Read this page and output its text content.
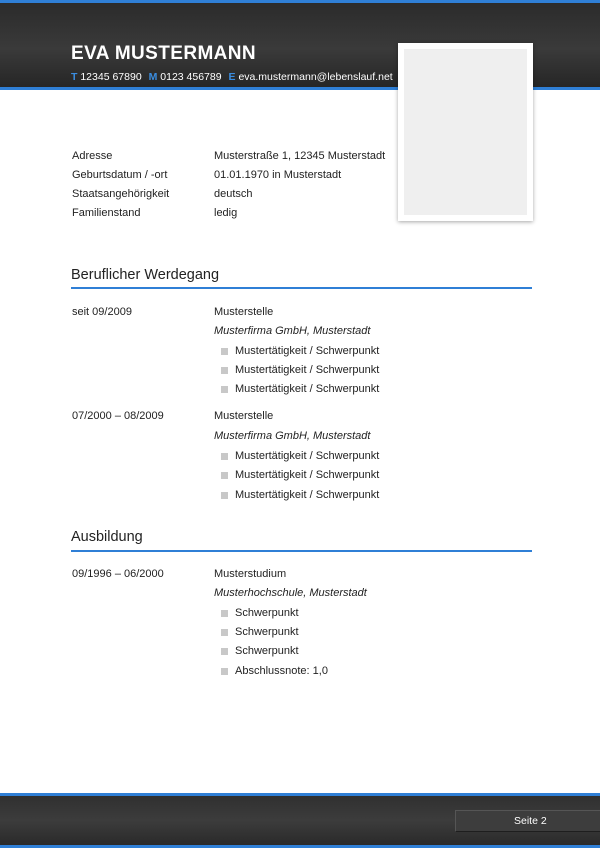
EVA MUSTERMANN
T 12345 67890 M 0123 456789 E eva.mustermann@lebenslauf.net
Adresse	Musterstraße 1, 12345 Musterstadt
Geburtsdatum / -ort	01.01.1970 in Musterstadt
Staatsangehörigkeit	deutsch
Familienstand	ledig
Beruflicher Werdegang
seit 09/2009	Musterstelle
Musterfirma GmbH, Musterstadt
Mustertätigkeit / Schwerpunkt
Mustertätigkeit / Schwerpunkt
Mustertätigkeit / Schwerpunkt
07/2000 – 08/2009	Musterstelle
Musterfirma GmbH, Musterstadt
Mustertätigkeit / Schwerpunkt
Mustertätigkeit / Schwerpunkt
Mustertätigkeit / Schwerpunkt
Ausbildung
09/1996 – 06/2000	Musterstudium
Musterhochschule, Musterstadt
Schwerpunkt
Schwerpunkt
Schwerpunkt
Abschlussnote: 1,0
Seite 2
